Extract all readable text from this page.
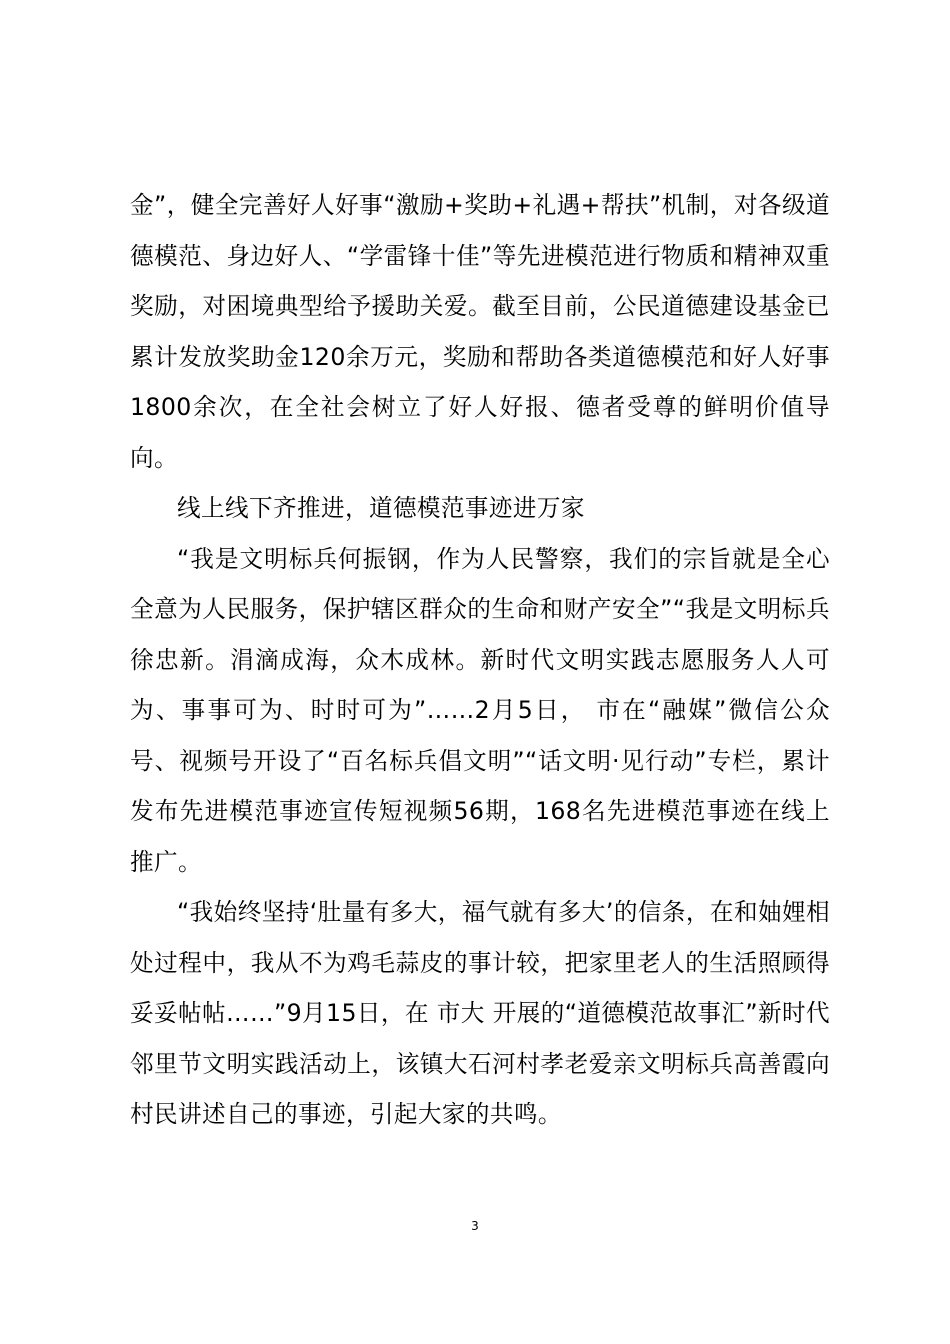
金”，健全完善好人好事“激励+奖助+礼遇+帮扶”机制，对各级道德模范、身边好人、“学雷锋十佳”等先进模范进行物质和精神双重奖励，对困境典型给予援助关爱。截至目前，公民道德建设基金已累计发放奖助金120余万元，奖励和帮助各类道德模范和好人好事1800余次，在全社会树立了好人好报、德者受尊的鲜明价值导向。

线上线下齐推进，道德模范事迹进万家

“我是文明标兵何振钢，作为人民警察，我们的宗旨就是全心全意为人民服务，保护辖区群众的生命和财产安全”“我是文明标兵徐忠新。涓滴成海，众木成林。新时代文明实践志愿服务人人可为、事事可为、时时可为”……2月5日， 市在“融媒”微信公众号、视频号开设了“百名标兵倡文明”“话文明·见行动”专栏，累计发布先进模范事迹宣传短视频56期，168名先进模范事迹在线上推广。

“我始终坚持‘肚量有多大，福气就有多大’的信条，在和妯娌相处过程中，我从不为鸡毛蒜皮的事计较，把家里老人的生活照顾得妥妥帖帖……”9月15日，在 市大 开展的“道德模范故事汇”新时代邻里节文明实践活动上，该镇大石河村孝老爱亲文明标兵高善霞向村民讲述自己的事迹，引起大家的共鸣。

3
